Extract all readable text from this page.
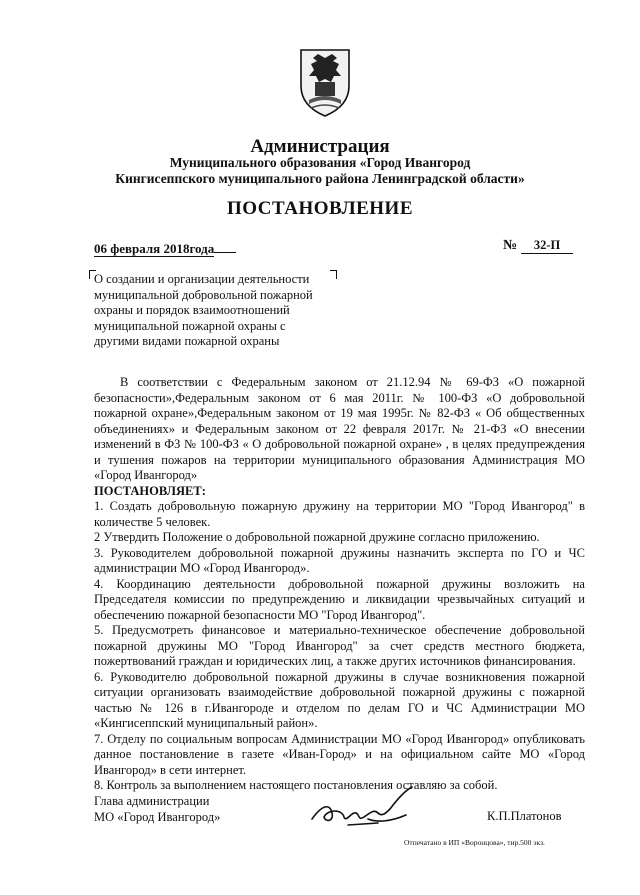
Администрация
Муниципального образования «Город Ивангород
Кингисеппского муниципального района Ленинградской области»
ПОСТАНОВЛЕНИЕ
06 февраля 2018года	№ 32-П

О создании и организации деятельности

муниципальной добровольной пожарной

охраны и порядок взаимоотношений

муниципальной пожарной охраны с

другими видами пожарной охраны

В соответствии с Федеральным законом от 21.12.94 № 69-ФЗ «О пожарной безопасности»,Федеральным законом от 6 мая 2011г. № 100-ФЗ «О добровольной пожарной охране»,Федеральным законом от 19 мая 1995г. № 82-ФЗ « Об общественных объединениях» и Федеральным законом от 22 февраля 2017г. № 21-ФЗ «О внесении изменений в ФЗ № 100-ФЗ « О добровольной пожарной охране» , в целях предупреждения и тушения пожаров на территории муниципального образования Администрация МО «Город Ивангород»

ПОСТАНОВЛЯЕТ:

1. Создать добровольную пожарную дружину на территории МО "Город Ивангород" в количестве 5 человек.

2 Утвердить Положение о добровольной пожарной дружине согласно приложению.

3. Руководителем добровольной пожарной дружины назначить эксперта по ГО и ЧС администрации МО «Город Ивангород».

4. Координацию деятельности добровольной пожарной дружины возложить на Председателя комиссии по предупреждению и ликвидации чрезвычайных ситуаций и обеспечению пожарной безопасности МО "Город Ивангород".

5. Предусмотреть финансовое и материально-техническое обеспечение добровольной пожарной дружины МО "Город Ивангород" за счет средств местного бюджета, пожертвований граждан и юридических лиц, а также других источников финансирования.

6. Руководителю добровольной пожарной дружины в случае возникновения пожарной ситуации организовать взаимодействие добровольной пожарной дружины с пожарной частью № 126 в г.Ивангороде и отделом по делам ГО и ЧС Администрации МО «Кингисеппский муниципальный район».

7. Отделу по социальным вопросам Администрации МО «Город Ивангород» опубликовать данное постановление в газете «Иван-Город» и на официальном сайте МО «Город Ивангород» в сети интернет.

8. Контроль за выполнением настоящего постановления оставляю за собой.

Глава администрации

МО «Город Ивангород»	К.П.Платонов
Отпечатано в ИП «Воронцова», тир.500 экз.
